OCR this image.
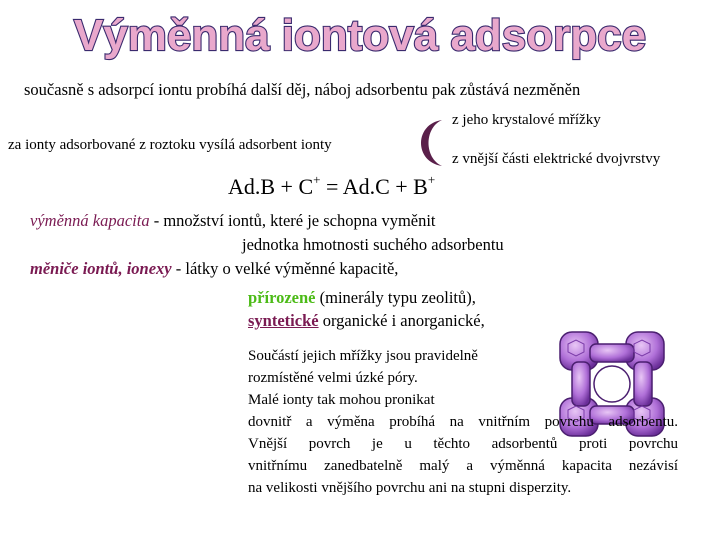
Výměnná iontová adsorpce
současně s adsorpcí iontu probíhá další děj, náboj adsorbentu pak zůstává nezměněn
za ionty adsorbované z roztoku vysílá adsorbent ionty
z jeho krystalové mřížky
z vnější části elektrické dvojvrstvy
Ad.B + C+ = Ad.C + B+
výměnná kapacita - množství iontů, které je schopna vyměnit
jednotka hmotnosti suchého adsorbentu
měniče iontů, ionexy - látky o velké výměnné kapacitě,
přírozené (minerály typu zeolitů),
syntetické organické i anorganické,
Součástí jejich mřížky jsou pravidelně
rozmístěné velmi úzké póry.
Malé ionty tak mohou pronikat
dovnitř a výměna probíhá na vnitřním povrchu adsorbentu.
Vnější povrch je u těchto adsorbentů proti povrchu
vnitřnímu zanedbatelně malý a výměnná kapacita nezávisí
na velikosti vnějšího povrchu ani na stupni disperzity.
